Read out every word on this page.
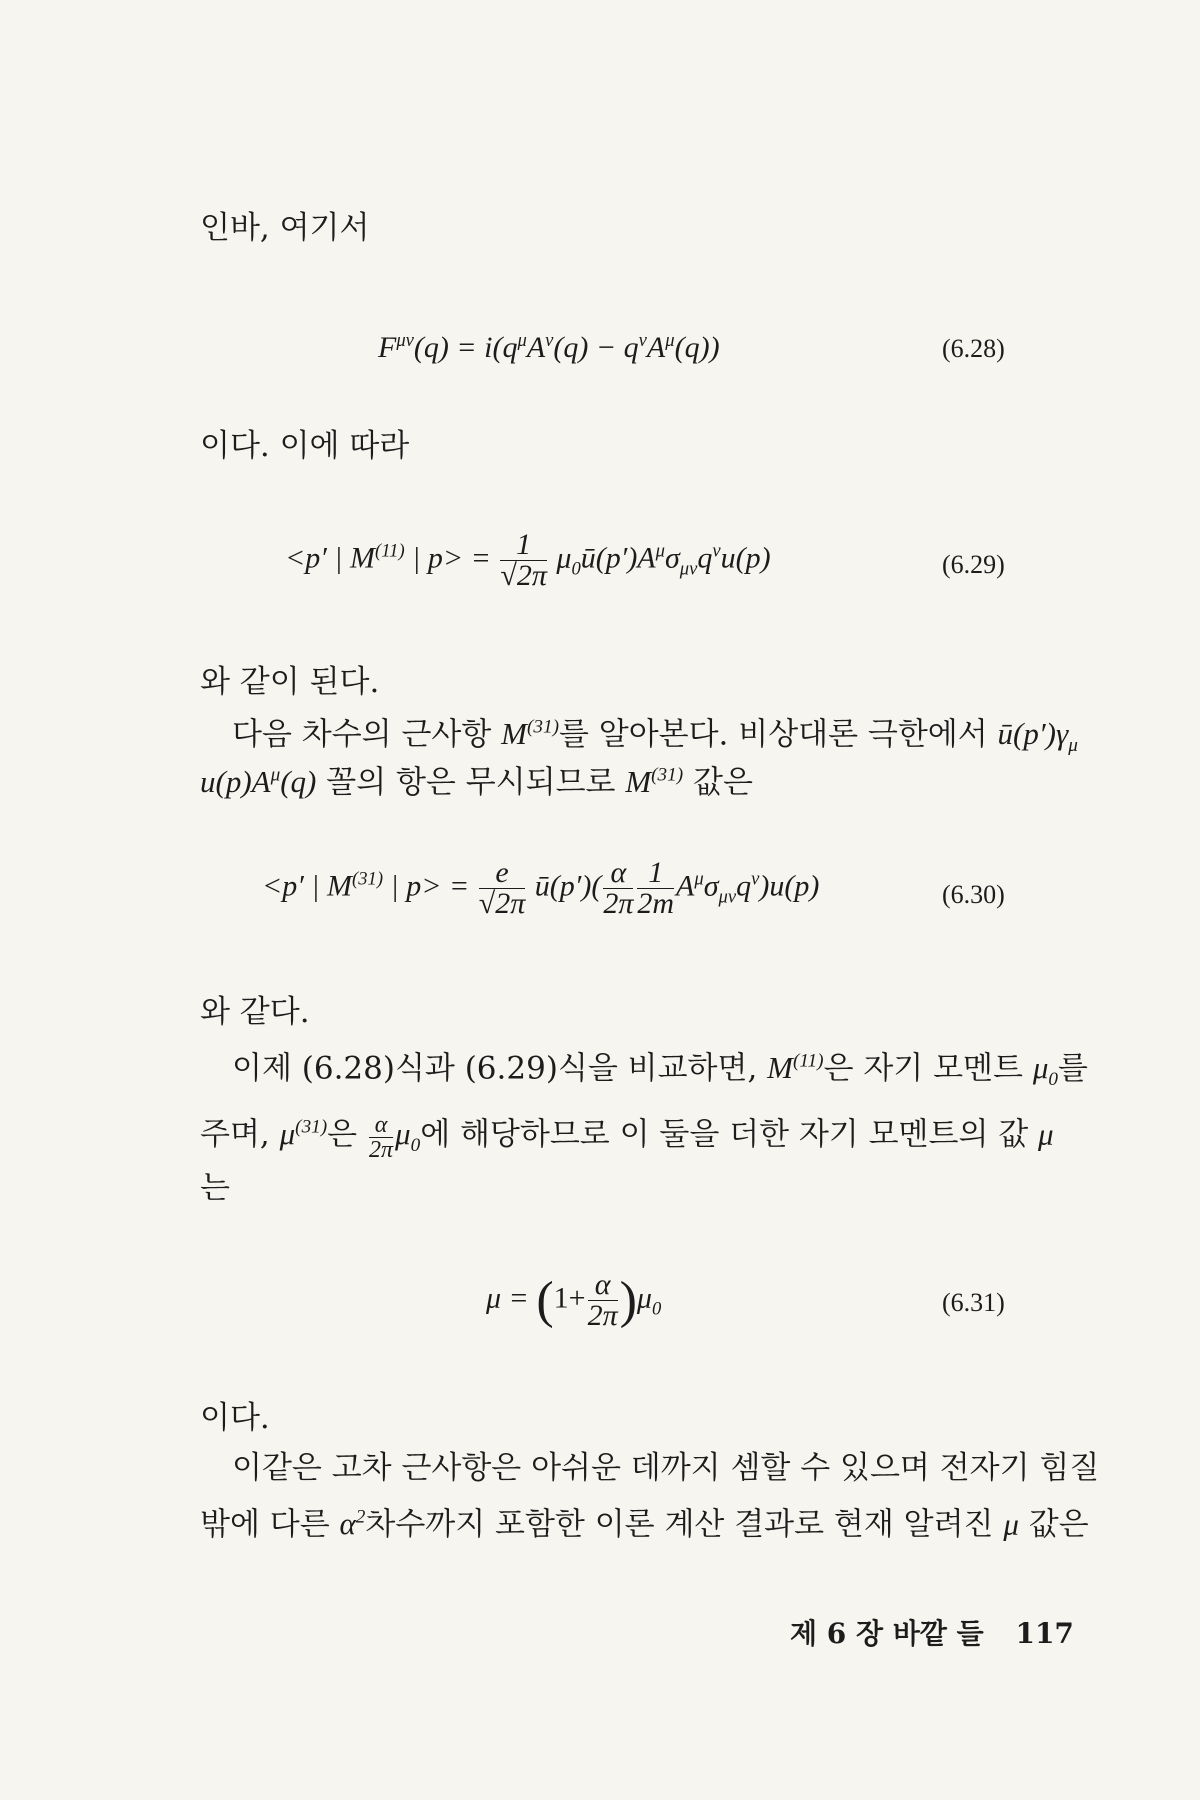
인바, 여기서
$F^{\mu\nu}(q) = i(q^\mu A^\nu(q) - q^\nu A^\mu(q))$	(6.28)
이다. 이에 따라
<p′ | $M^{(11)}$ | $p> = \frac{1}{√2\pi}$ $\mu_0ū(p')A^\mu\sigma_{\mu\nu}q^\nu u(p)$	(6.29)
와 같이 된다.
다음 차수의 근사항 $M^{(31)}$를 알아본다. 비상대론 극한에서 $ū(p')\gamma_\mu$
$u(p)A^\mu(q)$ 꼴의 항은 무시되므로 $M^{(31)}$ 값은
<p′ | $M^{(31)}$ | $p> = \frac{e}{√2\pi}$ ū(p′)( $\frac{\alpha}{2\pi} \frac{1}{2m} A^\mu\sigma_{\mu\nu}q^\nu)u(p)$	(6.30)
와 같다.
이제 (6.28)식과 (6.29)식을 비교하면, $M^{(11)}$은 자기 모멘트 $\mu_0$를
주며, $\mu^{(31)}$은 $\frac{\alpha}{2\pi} \mu_0$에 해당하므로 이 둘을 더한 자기 모멘트의 값 μ
는
$\mu = (1+ \frac{\alpha}{2\pi} )\mu_0$	(6.31)
이다.
이같은 고차 근사항은 아쉬운 데까지 셈할 수 있으며 전자기 힘질
밖에 다른 $\alpha^2$차수까지 포함한 이론 계산 결과로 현재 알려진 μ 값은
제 6 장 바깥 들 117
